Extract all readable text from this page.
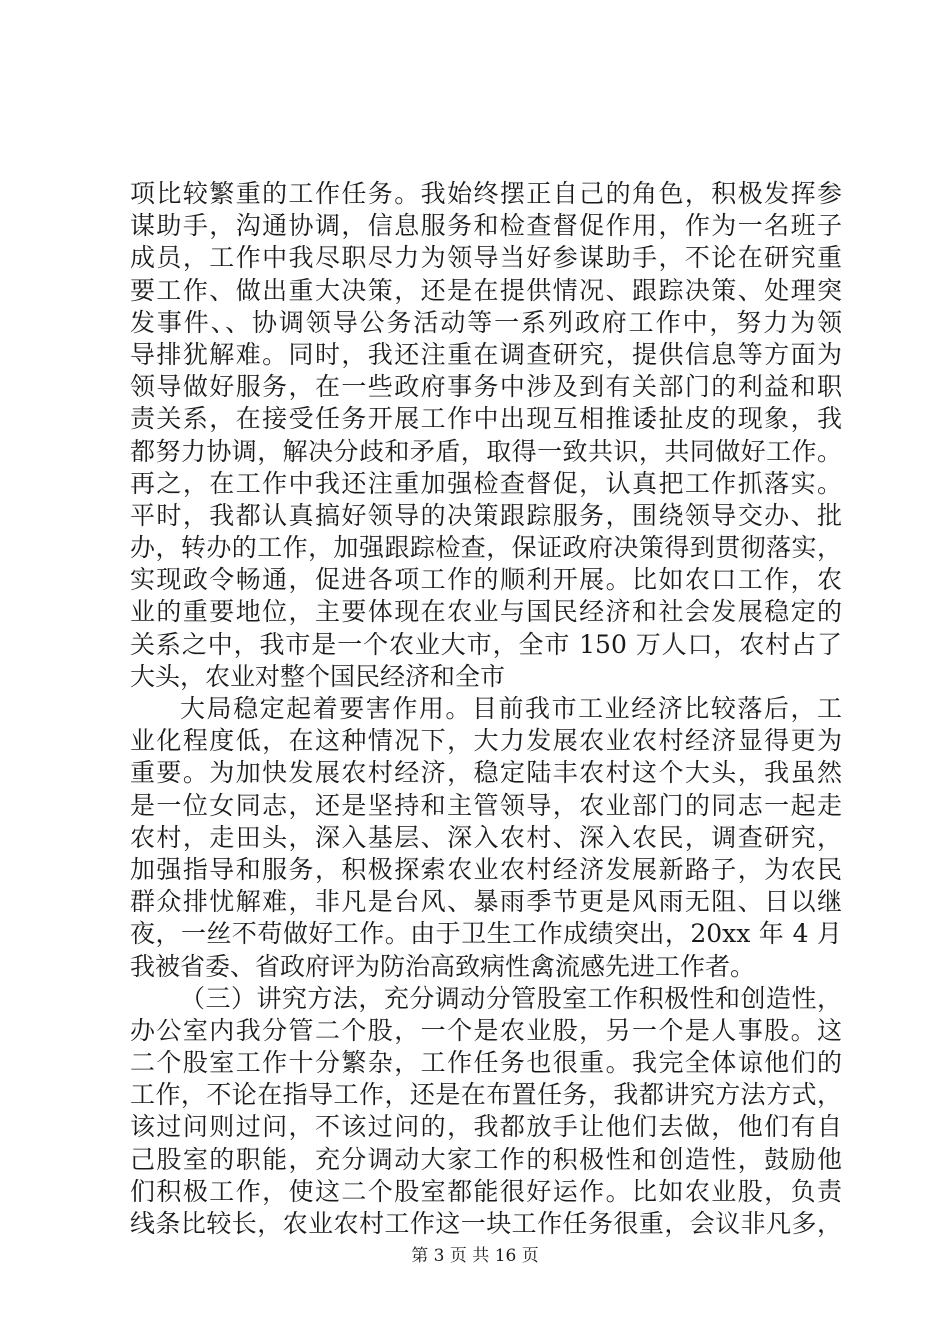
项比较繁重的工作任务。我始终摆正自己的角色，积极发挥参
谋助手，沟通协调，信息服务和检查督促作用，作为一名班子
成员，工作中我尽职尽力为领导当好参谋助手，不论在研究重
要工作、做出重大决策，还是在提供情况、跟踪决策、处理突
发事件、、协调领导公务活动等一系列政府工作中，努力为领
导排犹解难。同时，我还注重在调查研究，提供信息等方面为
领导做好服务，在一些政府事务中涉及到有关部门的利益和职
责关系，在接受任务开展工作中出现互相推诿扯皮的现象，我
都努力协调，解决分歧和矛盾，取得一致共识，共同做好工作。
再之，在工作中我还注重加强检查督促，认真把工作抓落实。
平时，我都认真搞好领导的决策跟踪服务，围绕领导交办、批
办，转办的工作，加强跟踪检查，保证政府决策得到贯彻落实，
实现政令畅通，促进各项工作的顺利开展。比如农口工作，农
业的重要地位，主要体现在农业与国民经济和社会发展稳定的
关系之中，我市是一个农业大市，全市 150 万人口，农村占了
大头，农业对整个国民经济和全市
大局稳定起着要害作用。目前我市工业经济比较落后，工
业化程度低，在这种情况下，大力发展农业农村经济显得更为
重要。为加快发展农村经济，稳定陆丰农村这个大头，我虽然
是一位女同志，还是坚持和主管领导，农业部门的同志一起走
农村，走田头，深入基层、深入农村、深入农民，调查研究，
加强指导和服务，积极探索农业农村经济发展新路子，为农民
群众排忧解难，非凡是台风、暴雨季节更是风雨无阻、日以继
夜，一丝不苟做好工作。由于卫生工作成绩突出，20xx 年 4 月
我被省委、省政府评为防治高致病性禽流感先进工作者。
（三）讲究方法，充分调动分管股室工作积极性和创造性，
办公室内我分管二个股，一个是农业股，另一个是人事股。这
二个股室工作十分繁杂，工作任务也很重。我完全体谅他们的
工作，不论在指导工作，还是在布置任务，我都讲究方法方式，
该过问则过问，不该过问的，我都放手让他们去做，他们有自
己股室的职能，充分调动大家工作的积极性和创造性，鼓励他
们积极工作，使这二个股室都能很好运作。比如农业股，负责
线条比较长，农业农村工作这一块工作任务很重，会议非凡多，
第 3 页 共 16 页
